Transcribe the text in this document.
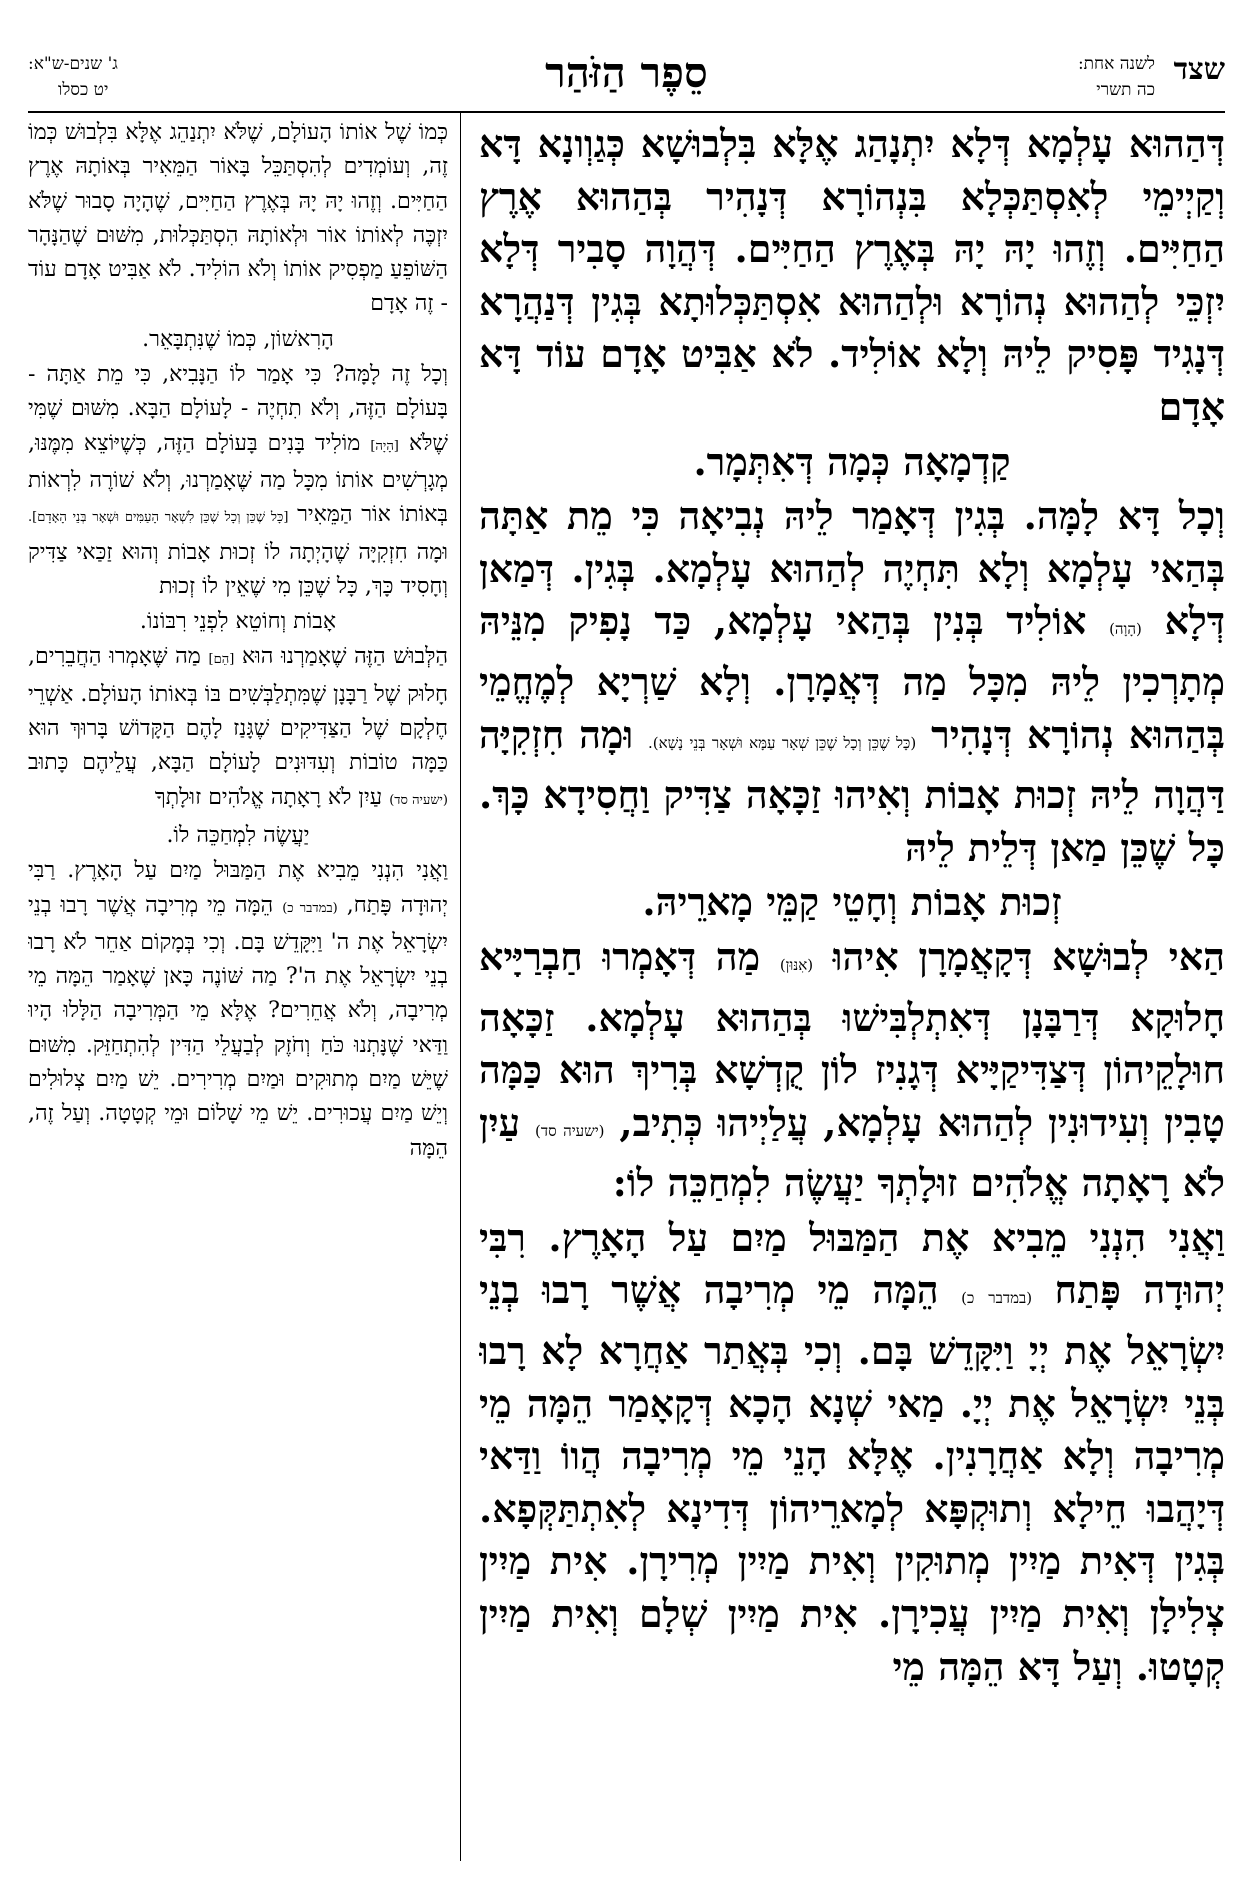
שצד
לשנה אחת:
כה תשרי
סֵפֶר הַזֹּהַר
ג' שנים-ש"א:
יט כסלו

דְּהַהוּא עָלְמָא דְּלָא יִתְנָהַג אֶלָּא בִּלְבוּשָׁא כְּגַוְונָא דָּא וְקַיְימֵי לְאִסְתַּכְּלָא בִּנְהוֹרָא דְּנָהִיר בְּהַהוּא אֶרֶץ הַחַיִּים. וְזֶהוּ יָהּ יָהּ בְּאֶרֶץ הַחַיִּים. דְּהֲוָה סָבִיר דְּלָא יִזְכֵּי לְהַהוּא נְהוֹרָא וּלְהַהוּא אִסְתַּכְּלוּתָא בְּגִין דְּנַהֲרָא דְּנָגִיד פָּסִיק לֵיהּ וְלָא אוֹלִיד. לֹא אַבִּיט אָדָם עוֹד דָּא אָדָם

קַדְמָאָה כְּמָה דְּאִתְּמָר.

וְכָל דָּא לָמָּה. בְּגִין דְּאָמַר לֵיהּ נְבִיאָה כִּי מֵת אַתָּה בְּהַאי עָלְמָא וְלָא תִּחְיֶה לְהַהוּא עָלְמָא. בְּגִין. דְּמַאן דְּלָא (הָוָה) אוֹלִיד בְּנִין בְּהַאי עָלְמָא, כַּד נָפִיק מִנֵּיהּ מְתָרְכִין לֵיהּ מִכָּל מַה דְּאֲמָרָן. וְלָא שַׁרְיָא לְמֶחֱמֵי בְּהַהוּא נְהוֹרָא דְּנָהִיר (כָּל שֶׁכֵּן וְכָל שֶׁכֵּן שְׁאָר עַמָּא וּשְׁאָר בְּנֵי נָשָׁא). וּמָה חִזְקִיָּה דַּהֲוָה לֵיהּ זְכוּת אָבוֹת וְאִיהוּ זַכָּאָה צַדִּיק וַחֲסִידָא כָּךְ. כָּל שֶׁכֵּן מַאן דְּלֵית לֵיהּ

זְכוּת אָבוֹת וְחָטֵי קַמֵּי מָארֵיהּ.

הַאי לְבוּשָׁא דְּקָאֲמָרָן אִיהוּ (אִנּוּן) מַה דְּאָמְרוּ חַבְרַיָּיא חָלוּקָא דְּרַבָּנָן דְּאִתְלְבִּישׁוּ בְּהַהוּא עָלְמָא. זַכָּאָה חוּלָקֵיהוֹן דְּצַדִּיקַיָּיא דְּגָנִיז לוֹן קֻדְשָׁא בְּרִיךְ הוּא כַּמָּה טָבִין וְעִידוּנִין לְהַהוּא עָלְמָא, עֲלַיְיהוּ כְּתִיב, (ישעיה סד) עַיִן לֹא רָאָתָה אֱלֹהִים זוּלָתְךָ יַעֲשֶׂה לִמְחַכֵּה לוֹ:

וַאֲנִי הִנְנִי מֵבִיא אֶת הַמַּבּוּל מַיִם עַל הָאָרֶץ. רִבִּי יְהוּדָה פָּתַח (במדבר כ) הֵמָּה מֵי מְרִיבָה אֲשֶׁר רָבוּ בְנֵי יִשְׂרָאֵל אֶת יְיָ וַיִּקָּדֵשׁ בָּם. וְכִי בְּאֲתַר אַחֲרָא לָא רָבוּ בְּנֵי יִשְׂרָאֵל אֶת יְיָ. מַאי שְׁנָא הָכָא דְּקָאָמַר הֵמָּה מֵי מְרִיבָה וְלָא אַחֲרָנִין. אֶלָּא הָנֵי מֵי מְרִיבָה הֲווֹ וַדַּאי דְּיָהֲבוּ חֵילָא וְתוּקְפָּא לְמָארֵיהוֹן דְּדִינָא לְאִתְתַּקְּפָא. בְּגִין דְּאִית מַיִין מְתוּקִין וְאִית מַיִין מְרִירָן. אִית מַיִין צְלִילָן וְאִית מַיִין עֲכִירָן. אִית מַיִין שְׁלָם וְאִית מַיִין קְטָטוּ. וְעַל דָּא הֵמָּה מֵי

כְּמוֹ שֶׁל אוֹתוֹ הָעוֹלָם, שֶׁלֹּא יִתְנַהֵג אֶלָּא בִּלְבוּשׁ כְּמוֹ זֶה, וְעוֹמְדִים לְהִסְתַּכֵּל בָּאוֹר הַמֵּאִיר בְּאוֹתָהּ אֶרֶץ הַחַיִּים. וְזֶהוּ יָהּ יָהּ בְּאֶרֶץ הַחַיִּים, שֶׁהָיָה סָבוּר שֶׁלֹּא יִזְכֶּה לְאוֹתוֹ אוֹר וּלְאוֹתָהּ הִסְתַּכְּלוּת, מִשּׁוּם שֶׁהַנָּהָר הַשּׁוֹפֵעַ מַפְסִיק אוֹתוֹ וְלֹא הוֹלִיד. לֹא אַבִּיט אָדָם עוֹד - זֶה אָדָם

הָרִאשׁוֹן, כְּמוֹ שֶׁנִּתְבָּאֵר.

וְכָל זֶה לָמָּה? כִּי אָמַר לוֹ הַנָּבִיא, כִּי מֵת אַתָּה - בָּעוֹלָם הַזֶּה, וְלֹא תִחְיֶה - לָעוֹלָם הַבָּא. מִשּׁוּם שֶׁמִּי שֶׁלֹּא [הָיָה] מוֹלִיד בָּנִים בָּעוֹלָם הַזֶּה, כְּשֶׁיּוֹצֵא מִמֶּנּוּ, מְגָרְשִׁים אוֹתוֹ מִכָּל מַה שֶּׁאָמַרְנוּ, וְלֹא שׁוֹרֶה לִרְאוֹת בְּאוֹתוֹ אוֹר הַמֵּאִיר [כָּל שֶׁכֵּן וְכָל שֶׁכֵּן לִשְׁאָר הָעַמִּים וּשְׁאָר בְּנֵי הָאָדָם]. וּמָה חִזְקִיָּה שֶׁהָיְתָה לוֹ זְכוּת אָבוֹת וְהוּא זַכַּאי צַדִּיק וְחָסִיד כָּךְ, כָּל שֶׁכֵּן מִי שֶׁאֵין לוֹ זְכוּת

אָבוֹת וְחוֹטֵא לִפְנֵי רִבּוֹנוֹ.

הַלְּבוּשׁ הַזֶּה שֶׁאָמַרְנוּ הוּא [הֵם] מַה שֶּׁאָמְרוּ הַחֲבֵרִים, חָלוּק שֶׁל רַבָּנָן שֶׁמִּתְלַבְּשִׁים בּוֹ בְּאוֹתוֹ הָעוֹלָם. אַשְׁרֵי חֶלְקָם שֶׁל הַצַּדִּיקִים שֶׁגָּנַז לָהֶם הַקָּדוֹשׁ בָּרוּךְ הוּא כַּמָּה טוֹבוֹת וְעִדּוּנִים לָעוֹלָם הַבָּא, עֲלֵיהֶם כָּתוּב (ישעיה סד) עַיִן לֹא רָאָתָה אֱלֹהִים זוּלָתְךָ

יַעֲשֶׂה לִמְחַכֵּה לוֹ.

וַאֲנִי הִנְנִי מֵבִיא אֶת הַמַּבּוּל מַיִם עַל הָאָרֶץ. רַבִּי יְהוּדָה פָּתַח, (במדבר כ) הֵמָּה מֵי מְרִיבָה אֲשֶׁר רָבוּ בְנֵי יִשְׂרָאֵל אֶת ה' וַיִּקָּדֵשׁ בָּם. וְכִי בְּמָקוֹם אַחֵר לֹא רָבוּ בְנֵי יִשְׂרָאֵל אֶת ה'? מַה שּׁוֹנֶה כָּאן שֶׁאָמַר הֵמָּה מֵי מְרִיבָה, וְלֹא אֲחֵרִים? אֶלָּא מֵי הַמְּרִיבָה הַלָּלוּ הָיוּ וַדַּאי שֶׁנָּתְנוּ כֹּחַ וְחֹזֶק לְבַעֲלֵי הַדִּין לְהִתְחַזֵּק. מִשּׁוּם שֶׁיֵּשׁ מַיִם מְתוּקִים וּמַיִם מְרִירִים. יֵשׁ מַיִם צְלוּלִים וְיֵשׁ מַיִם עֲכוּרִים. יֵשׁ מֵי שָׁלוֹם וּמֵי קְטָטָה. וְעַל זֶה, הֵמָּה
